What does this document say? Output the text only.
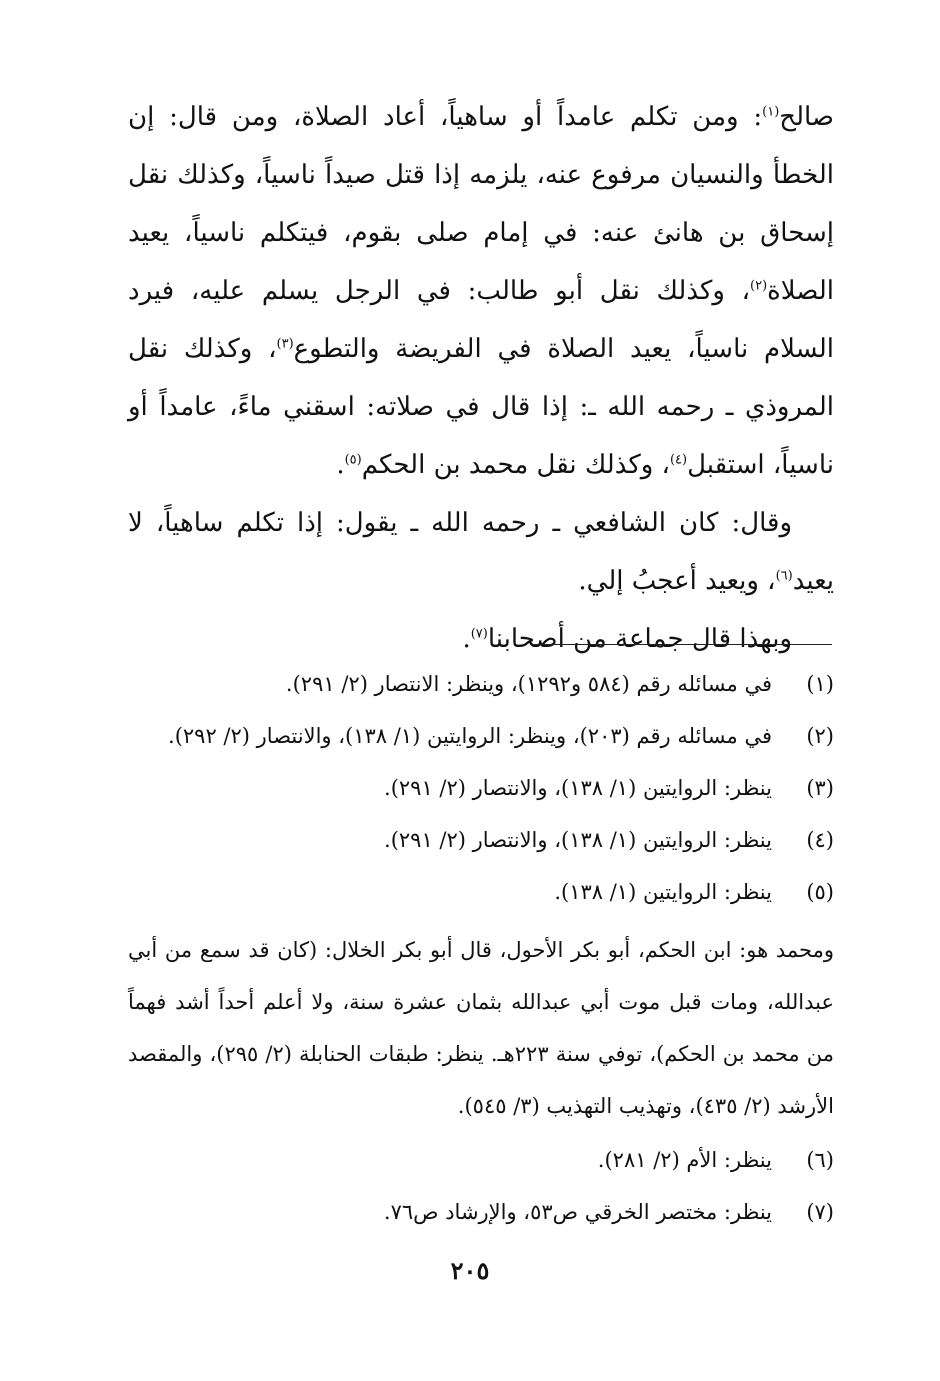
صالح$^{(١)}$: ومن تكلم عامداً أو ساهياً، أعاد الصلاة، ومن قال: إن الخطأ والنسيان مرفوع عنه، يلزمه إذا قتل صيداً ناسياً، وكذلك نقل إسحاق بن هانئ عنه: في إمام صلى بقوم، فيتكلم ناسياً، يعيد الصلاة$^{(٢)}$، وكذلك نقل أبو طالب: في الرجل يسلم عليه، فيرد السلام ناسياً، يعيد الصلاة في الفريضة والتطوع$^{(٣)}$، وكذلك نقل المروذي ـ رحمه الله ـ: إذا قال في صلاته: اسقني ماءً، عامداً أو ناسياً، استقبل$^{(٤)}$، وكذلك نقل محمد بن الحكم$^{(٥)}$.

وقال: كان الشافعي ـ رحمه الله ـ يقول: إذا تكلم ساهياً، لا يعيد$^{(٦)}$، ويعيد أعجبُ إلي.

وبهذا قال جماعة من أصحابنا$^{(٧)}$.

(١)
في مسائله رقم (٥٨٤ و١٢٩٢)، وينظر: الانتصار (٢/ ٢٩١).
(٢)
في مسائله رقم (٢٠٣)، وينظر: الروايتين (١/ ١٣٨)، والانتصار (٢/ ٢٩٢).
(٣)
ينظر: الروايتين (١/ ١٣٨)، والانتصار (٢/ ٢٩١).
(٤)
ينظر: الروايتين (١/ ١٣٨)، والانتصار (٢/ ٢٩١).
(٥)
ينظر: الروايتين (١/ ١٣٨).

ومحمد هو: ابن الحكم، أبو بكر الأحول، قال أبو بكر الخلال: (كان قد سمع من أبي عبدالله، ومات قبل موت أبي عبدالله بثمان عشرة سنة، ولا أعلم أحداً أشد فهماً من محمد بن الحكم)، توفي سنة ٢٢٣هـ. ينظر: طبقات الحنابلة (٢/ ٢٩٥)، والمقصد الأرشد (٢/ ٤٣٥)، وتهذيب التهذيب (٣/ ٥٤٥).

(٦)
ينظر: الأم (٢/ ٢٨١).
(٧)
ينظر: مختصر الخرقي ص٥٣، والإرشاد ص٧٦.
٢٠٥
